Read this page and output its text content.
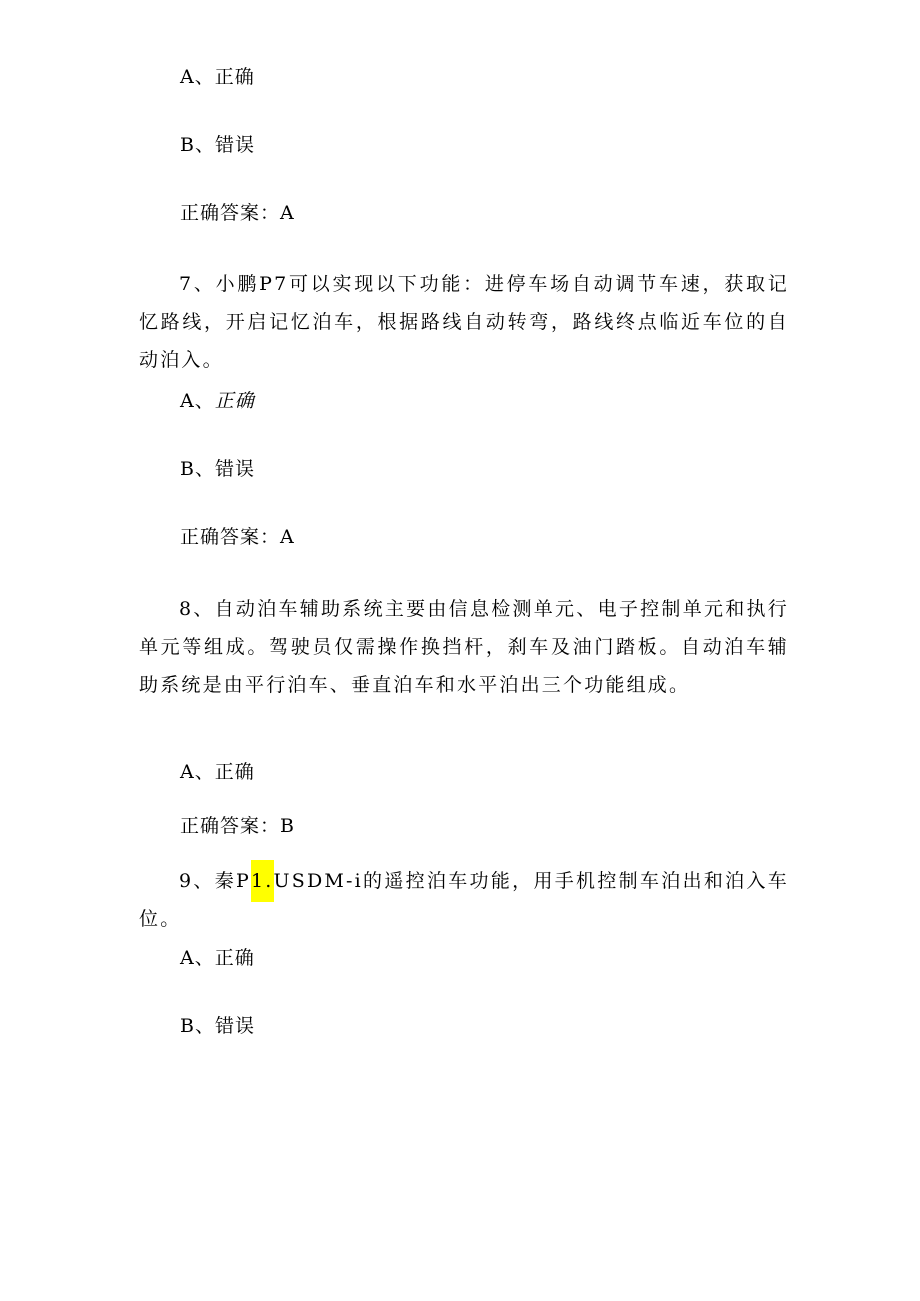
A、正确
B、错误
正确答案：A
7、小鹏P7可以实现以下功能：进停车场自动调节车速，获取记忆路线，开启记忆泊车，根据路线自动转弯，路线终点临近车位的自动泊入。
A、正确
B、错误
正确答案：A
8、自动泊车辅助系统主要由信息检测单元、电子控制单元和执行单元等组成。驾驶员仅需操作换挡杆，刹车及油门踏板。自动泊车辅助系统是由平行泊车、垂直泊车和水平泊出三个功能组成。
A、正确
正确答案：B
9、秦P1.USDM-i的遥控泊车功能，用手机控制车泊出和泊入车位。
A、正确
B、错误
